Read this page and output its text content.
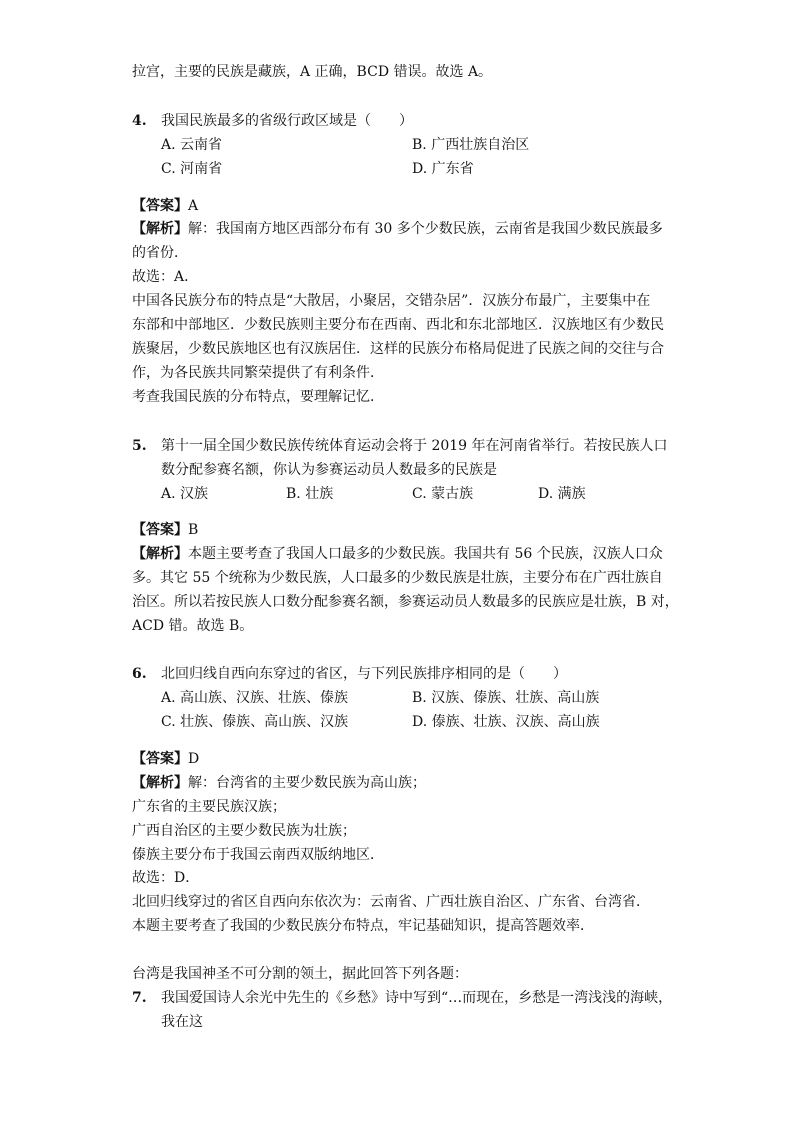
拉宫，主要的民族是藏族，A 正确，BCD 错误。故选 A。
4. 我国民族最多的省级行政区域是（　　）
A. 云南省	B. 广西壮族自治区
C. 河南省	D. 广东省
【答案】A
【解析】解：我国南方地区西部分布有 30 多个少数民族，云南省是我国少数民族最多
的省份．
故选：A．
中国各民族分布的特点是“大散居，小聚居，交错杂居”．汉族分布最广，主要集中在
东部和中部地区．少数民族则主要分布在西南、西北和东北部地区．汉族地区有少数民
族聚居，少数民族地区也有汉族居住．这样的民族分布格局促进了民族之间的交往与合
作，为各民族共同繁荣提供了有利条件．
考查我国民族的分布特点，要理解记忆．
5. 第十一届全国少数民族传统体育运动会将于 2019 年在河南省举行。若按民族人口
数分配参赛名额，你认为参赛运动员人数最多的民族是
A. 汉族	B. 壮族	C. 蒙古族	D. 满族
【答案】B
【解析】本题主要考查了我国人口最多的少数民族。我国共有 56 个民族，汉族人口众
多。其它 55 个统称为少数民族，人口最多的少数民族是壮族，主要分布在广西壮族自
治区。所以若按民族人口数分配参赛名额，参赛运动员人数最多的民族应是壮族，B 对，
ACD 错。故选 B。
6. 北回归线自西向东穿过的省区，与下列民族排序相同的是（　　）
A. 高山族、汉族、壮族、傣族	B. 汉族、傣族、壮族、高山族
C. 壮族、傣族、高山族、汉族	D. 傣族、壮族、汉族、高山族
【答案】D
【解析】解：台湾省的主要少数民族为高山族；
广东省的主要民族汉族；
广西自治区的主要少数民族为壮族；
傣族主要分布于我国云南西双版纳地区．
故选：D．
北回归线穿过的省区自西向东依次为：云南省、广西壮族自治区、广东省、台湾省．
本题主要考查了我国的少数民族分布特点，牢记基础知识，提高答题效率．
台湾是我国神圣不可分割的领土，据此回答下列各题：
7. 我国爱国诗人余光中先生的《乡愁》诗中写到“…而现在，乡愁是一湾浅浅的海峡，
我在这
